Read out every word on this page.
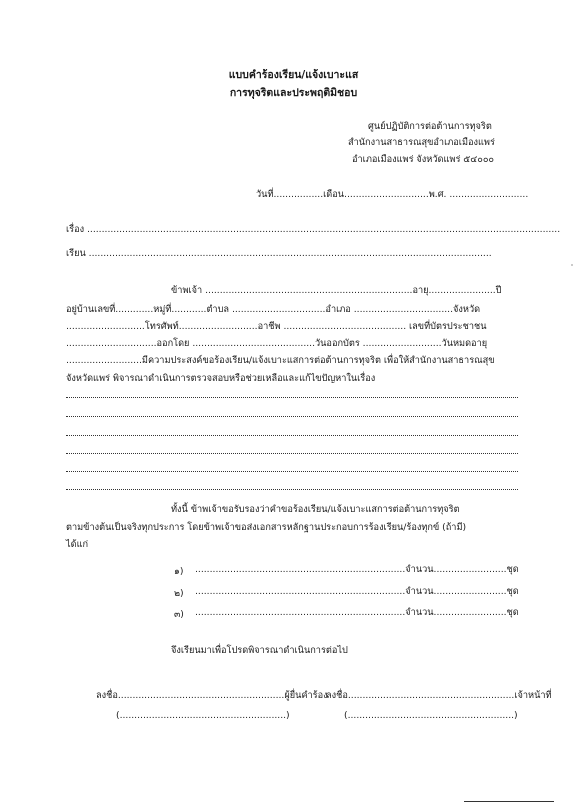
แบบคำร้องเรียน/แจ้งเบาะแส
การทุจริตและประพฤติมิชอบ
ศูนย์ปฏิบัติการต่อต้านการทุจริต
สำนักงานสาธารณสุขอำเภอเมืองแพร่
อำเภอเมืองแพร่ จังหวัดแพร่ ๕๔๐๐๐
วันที่.................เดือน.............................พ.ศ. ...........................
เรื่อง ..................................................................................................................................................................
เรียน ..........................................................................................................................................
ข้าพเจ้า .......................................................................อายุ.......................ปี
อยู่บ้านเลขที่.............หมู่ที่............ตำบล ................................อำเภอ ..................................จังหวัด
...........................โทรศัพท์...........................อาชีพ .......................................... เลขที่บัตรประชาชน
...............................ออกโดย ..........................................วันออกบัตร ...........................วันหมดอายุ
..........................มีความประสงค์ขอร้องเรียน/แจ้งเบาะแสการต่อต้านการทุจริต เพื่อให้สำนักงานสาธารณสุข
จังหวัดแพร่ พิจารณาดำเนินการตรวจสอบหรือช่วยเหลือและแก้ไขปัญหาในเรื่อง
ทั้งนี้ ข้าพเจ้าขอรับรองว่าคำขอร้องเรียน/แจ้งเบาะแสการต่อต้านการทุจริต
ตามข้างต้นเป็นจริงทุกประการ โดยข้าพเจ้าขอส่งเอกสารหลักฐานประกอบการร้องเรียน/ร้องทุกข์ (ถ้ามี)
ได้แก่
๑) ........................................................................จำนวน.........................ชุด
๒) ........................................................................จำนวน.........................ชุด
๓) ........................................................................จำนวน.........................ชุด
จึงเรียนมาเพื่อโปรดพิจารณาดำเนินการต่อไป
ลงชื่อ.........................................................ผู้ยื่นคำร้อง
(.........................................................)
ลงชื่อ.........................................................เจ้าหน้าที่
(.........................................................)
